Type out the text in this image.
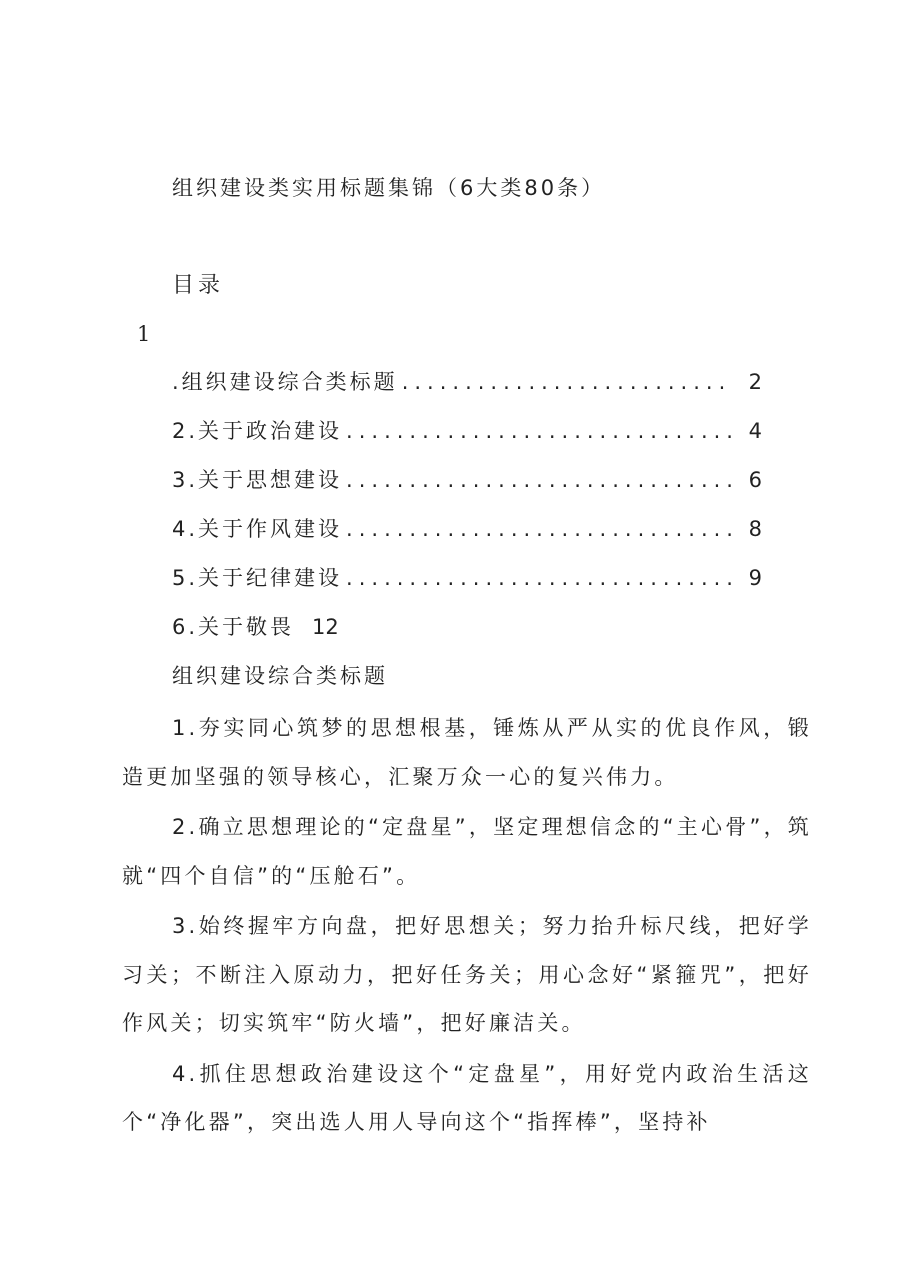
组织建设类实用标题集锦（6大类80条）
目录
1
.组织建设综合类标题 .......................... 2
2.关于政治建设 ............................... 4
3.关于思想建设 ............................... 6
4.关于作风建设 ............................... 8
5.关于纪律建设 ............................... 9
6.关于敬畏 12
组织建设综合类标题

1.夯实同心筑梦的思想根基，锤炼从严从实的优良作风，锻造更加坚强的领导核心，汇聚万众一心的复兴伟力。

2.确立思想理论的“定盘星”，坚定理想信念的“主心骨”，筑就“四个自信”的“压舱石”。

3.始终握牢方向盘，把好思想关；努力抬升标尺线，把好学习关；不断注入原动力，把好任务关；用心念好“紧箍咒”，把好作风关；切实筑牢“防火墙”，把好廉洁关。

4.抓住思想政治建设这个“定盘星”，用好党内政治生活这个“净化器”，突出选人用人导向这个“指挥棒”，坚持补
